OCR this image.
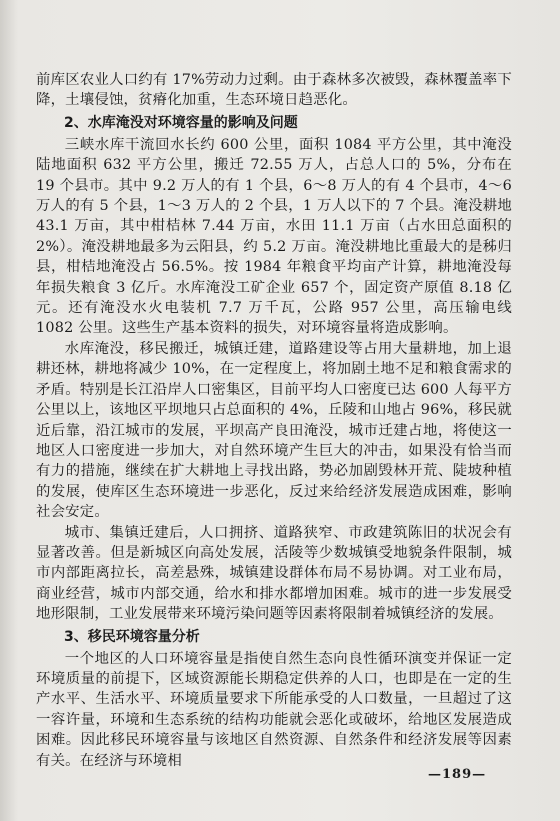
前库区农业人口约有 17%劳动力过剩。由于森林多次被毁，森林覆盖率下降，土壤侵蚀，贫瘠化加重，生态环境日趋恶化。

2、水库淹没对环境容量的影响及问题

三峡水库干流回水长约 600 公里，面积 1084 平方公里，其中淹没陆地面积 632 平方公里，搬迁 72.55 万人，占总人口的 5%，分布在 19 个县市。其中 9.2 万人的有 1 个县，6～8 万人的有 4 个县市，4～6 万人的有 5 个县，1～3 万人的 2 个县，1 万人以下的 7 个县。淹没耕地 43.1 万亩，其中柑桔林 7.44 万亩，水田 11.1 万亩（占水田总面积的 2%）。淹没耕地最多为云阳县，约 5.2 万亩。淹没耕地比重最大的是秭归县，柑桔地淹没占 56.5%。按 1984 年粮食平均亩产计算，耕地淹没每年损失粮食 3 亿斤。水库淹没工矿企业 657 个，固定资产原值 8.18 亿元。还有淹没水火电装机 7.7 万千瓦，公路 957 公里，高压输电线 1082 公里。这些生产基本资料的损失，对环境容量将造成影响。

水库淹没，移民搬迁，城镇迁建，道路建设等占用大量耕地，加上退耕还林，耕地将减少 10%，在一定程度上，将加剧土地不足和粮食需求的矛盾。特别是长江沿岸人口密集区，目前平均人口密度已达 600 人每平方公里以上，该地区平坝地只占总面积的 4%，丘陵和山地占 96%，移民就近后靠，沿江城市的发展，平坝高产良田淹没，城市迁建占地，将使这一地区人口密度进一步加大，对自然环境产生巨大的冲击，如果没有恰当而有力的措施，继续在扩大耕地上寻找出路，势必加剧毁林开荒、陡坡种植的发展，使库区生态环境进一步恶化，反过来给经济发展造成困难，影响社会安定。

城市、集镇迁建后，人口拥挤、道路狭窄、市政建筑陈旧的状况会有显著改善。但是新城区向高处发展，活陵等少数城镇受地貌条件限制，城市内部距离拉长，高差悬殊，城镇建设群体布局不易协调。对工业布局，商业经营，城市内部交通，给水和排水都增加困难。城市的进一步发展受地形限制，工业发展带来环境污染问题等因素将限制着城镇经济的发展。

3、移民环境容量分析

一个地区的人口环境容量是指使自然生态向良性循环演变并保证一定环境质量的前提下，区域资源能长期稳定供养的人口，也即是在一定的生产水平、生活水平、环境质量要求下所能承受的人口数量，一旦超过了这一容许量，环境和生态系统的结构功能就会恶化或破坏，给地区发展造成困难。因此移民环境容量与该地区自然资源、自然条件和经济发展等因素有关。在经济与环境相

—189—
